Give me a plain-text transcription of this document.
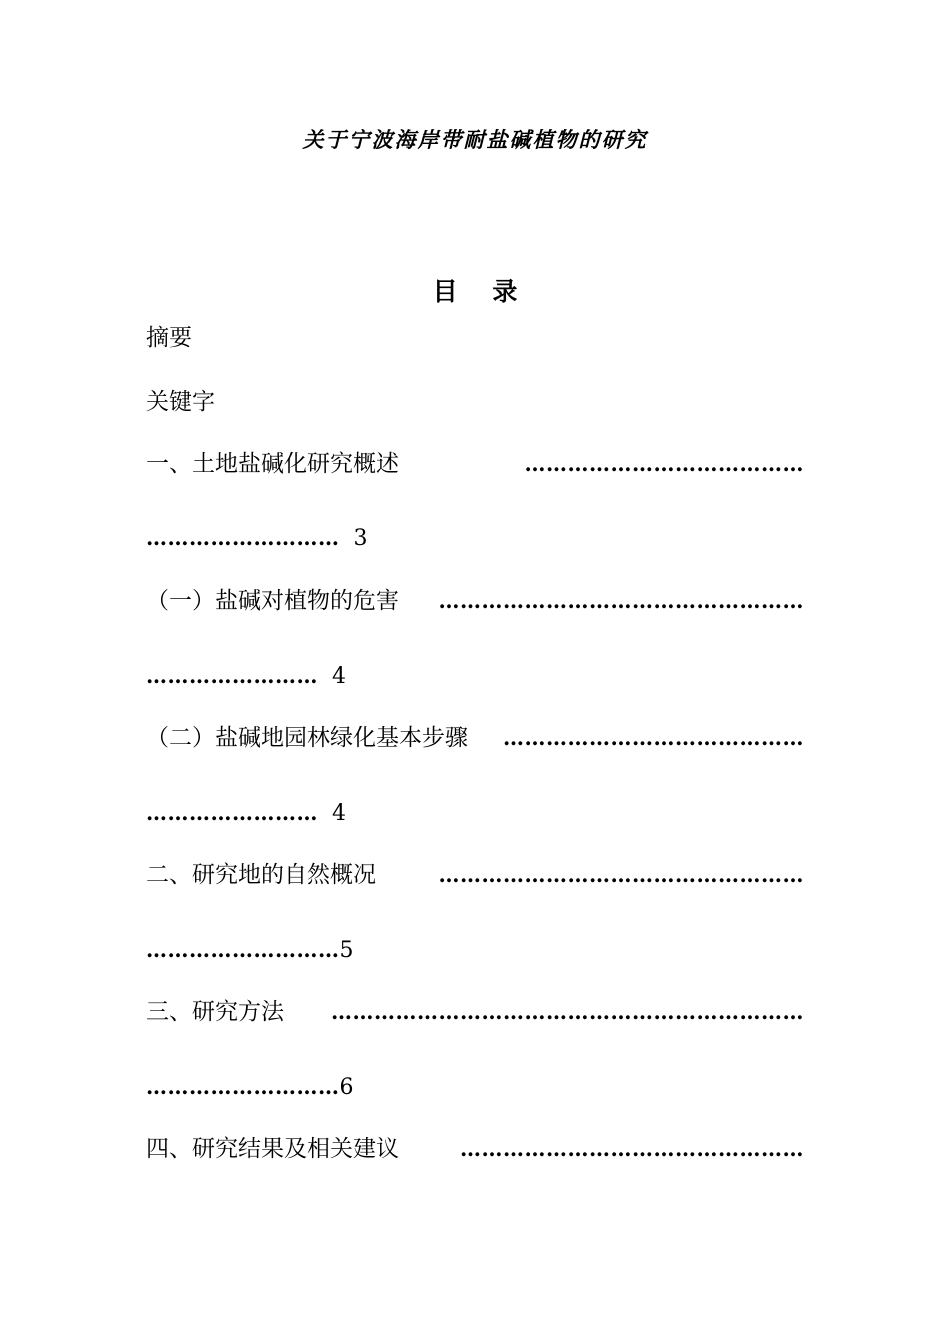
关于宁波海岸带耐盐碱植物的研究
目 录
摘要
关键字
一、土地盐碱化研究概述	…………………………………
……………………… 3
（一）盐碱对植物的危害	……………………………………………
…………………… 4
（二）盐碱地园林绿化基本步骤	……………………………………
…………………… 4
二、研究地的自然概况	……………………………………………
………………………5
三、研究方法	…………………………………………………………
………………………6
四、研究结果及相关建议	…………………………………………
